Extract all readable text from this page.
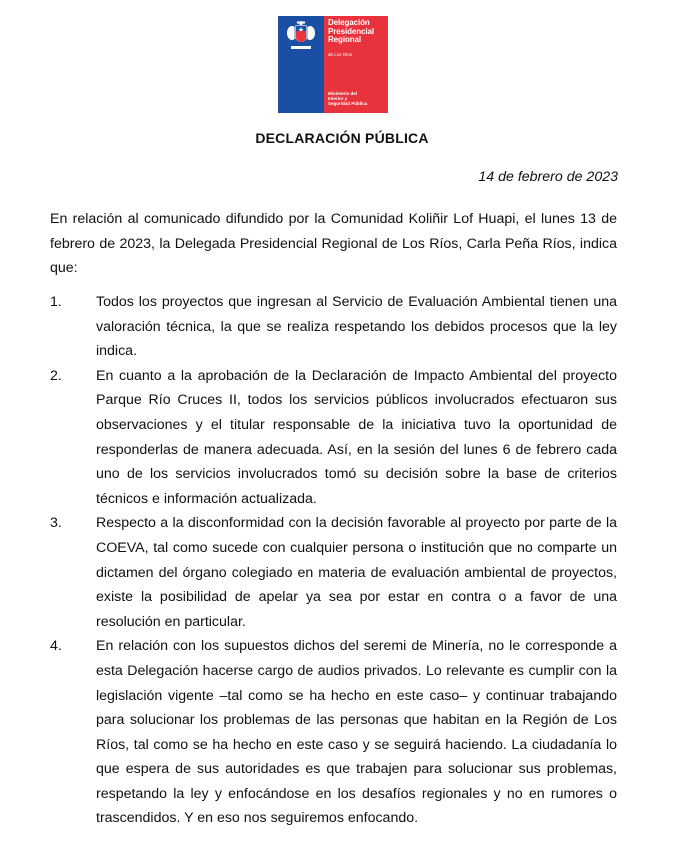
Delegación
Presidencial
Regional
de Los Ríos
Ministerio del
Interior y
Seguridad Pública
DECLARACIÓN PÚBLICA
14 de febrero de 2023

En relación al comunicado difundido por la Comunidad Koliñir Lof Huapi, el lunes 13 de febrero de 2023, la Delegada Presidencial Regional de Los Ríos, Carla Peña Ríos, indica que:

1.	Todos los proyectos que ingresan al Servicio de Evaluación Ambiental tienen una valoración técnica, la que se realiza respetando los debidos procesos que la ley indica.
2.	En cuanto a la aprobación de la Declaración de Impacto Ambiental del proyecto Parque Río Cruces II, todos los servicios públicos involucrados efectuaron sus observaciones y el titular responsable de la iniciativa tuvo la oportunidad de responderlas de manera adecuada. Así, en la sesión del lunes 6 de febrero cada uno de los servicios involucrados tomó su decisión sobre la base de criterios técnicos e información actualizada.
3.	Respecto a la disconformidad con la decisión favorable al proyecto por parte de la COEVA, tal como sucede con cualquier persona o institución que no comparte un dictamen del órgano colegiado en materia de evaluación ambiental de proyectos, existe la posibilidad de apelar ya sea por estar en contra o a favor de una resolución en particular.
4.	En relación con los supuestos dichos del seremi de Minería, no le corresponde a esta Delegación hacerse cargo de audios privados. Lo relevante es cumplir con la legislación vigente –tal como se ha hecho en este caso– y continuar trabajando para solucionar los problemas de las personas que habitan en la Región de Los Ríos, tal como se ha hecho en este caso y se seguirá haciendo. La ciudadanía lo que espera de sus autoridades es que trabajen para solucionar sus problemas, respetando la ley y enfocándose en los desafíos regionales y no en rumores o trascendidos. Y en eso nos seguiremos enfocando.
